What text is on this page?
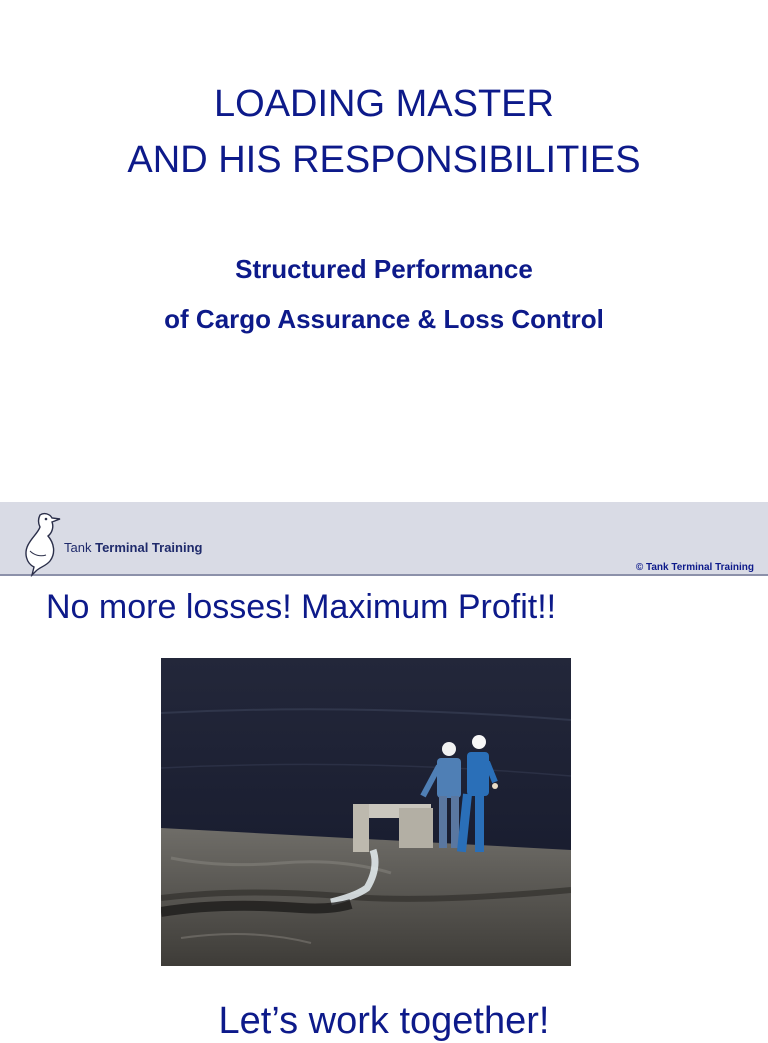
LOADING MASTER
AND HIS RESPONSIBILITIES
Structured Performance
of Cargo Assurance & Loss Control
Tank Terminal Training
© Tank Terminal Training
No more losses! Maximum Profit!!
Let’s work together!
